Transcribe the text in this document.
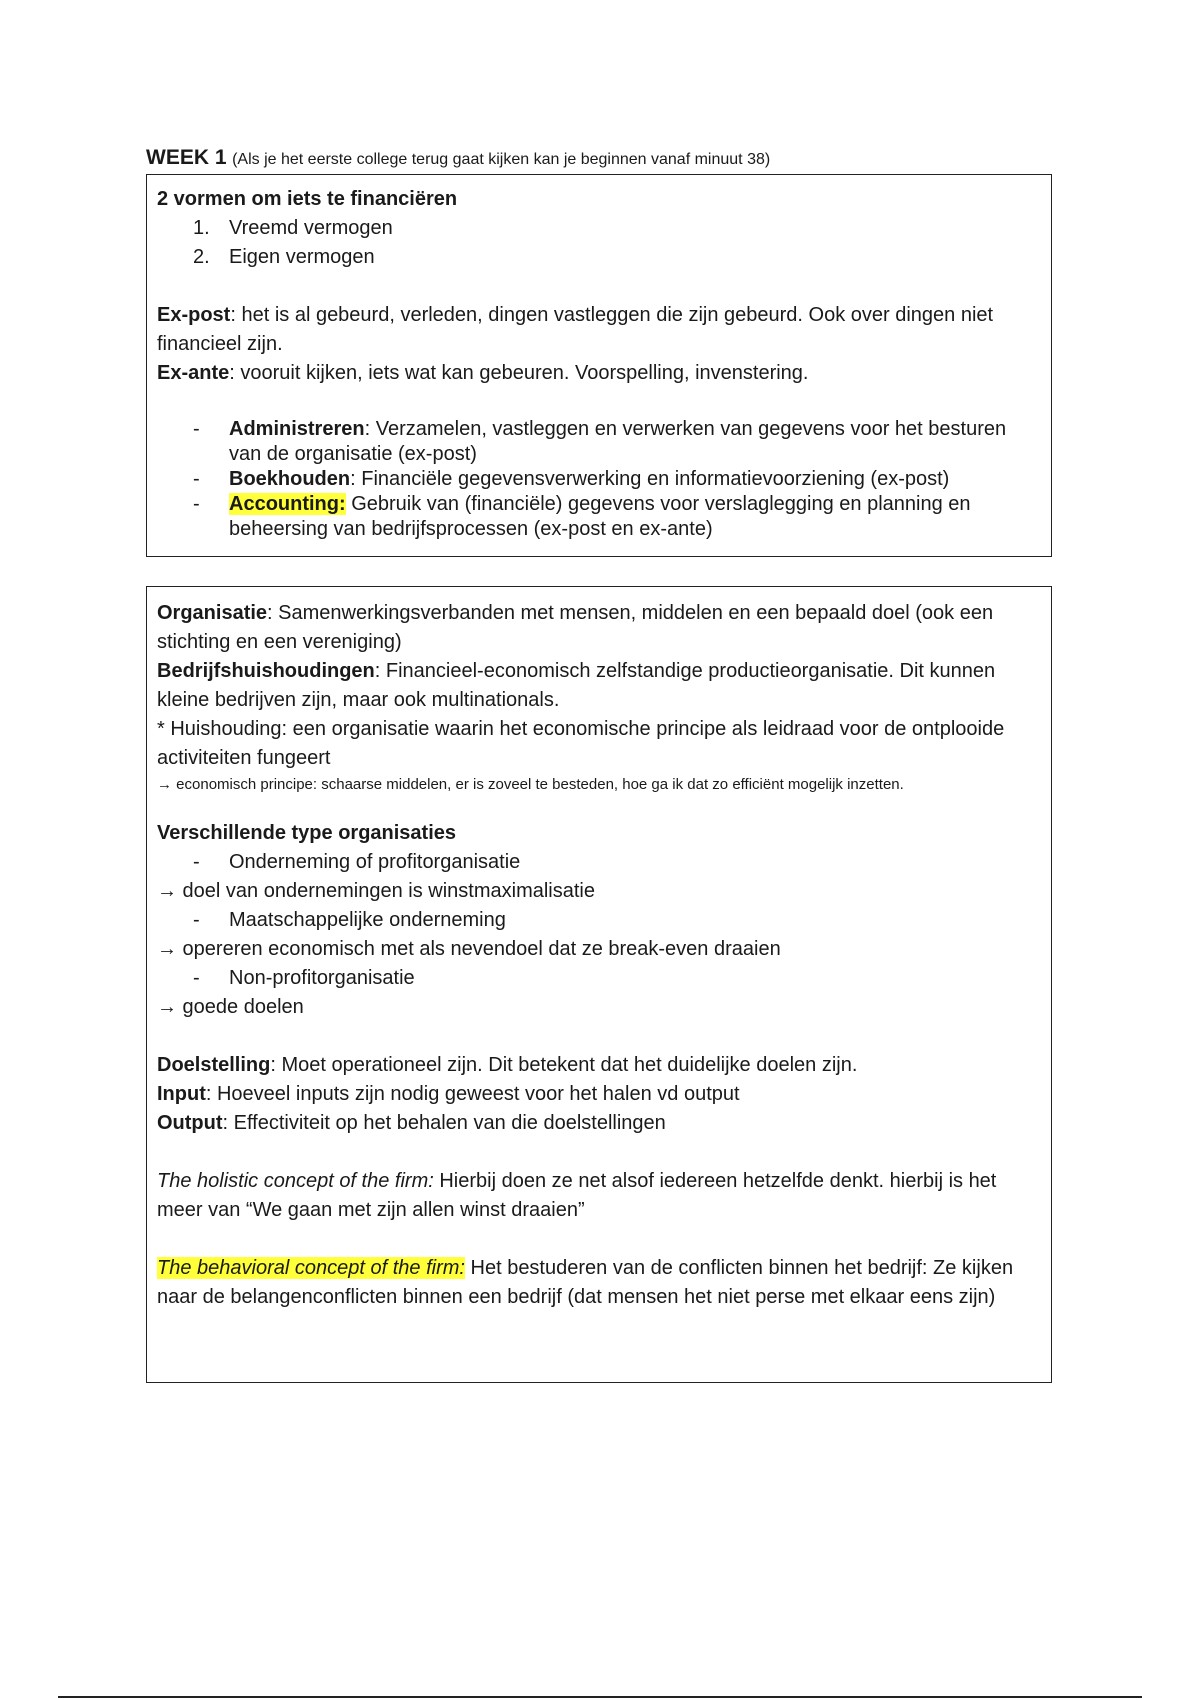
WEEK 1 (Als je het eerste college terug gaat kijken kan je beginnen vanaf minuut 38)

2 vormen om iets te financiëren

1. Vreemd vermogen
2. Eigen vermogen

Ex-post: het is al gebeurd, verleden, dingen vastleggen die zijn gebeurd. Ook over dingen niet financieel zijn.

Ex-ante: vooruit kijken, iets wat kan gebeuren. Voorspelling, invenstering.

- Administreren: Verzamelen, vastleggen en verwerken van gegevens voor het besturen van de organisatie (ex-post)
- Boekhouden: Financiële gegevensverwerking en informatievoorziening (ex-post)
- Accounting: Gebruik van (financiële) gegevens voor verslaglegging en planning en beheersing van bedrijfsprocessen (ex-post en ex-ante)

Organisatie: Samenwerkingsverbanden met mensen, middelen en een bepaald doel (ook een stichting en een vereniging)

Bedrijfshuishoudingen: Financieel-economisch zelfstandige productieorganisatie. Dit kunnen kleine bedrijven zijn, maar ook multinationals.

* Huishouding: een organisatie waarin het economische principe als leidraad voor de ontplooide activiteiten fungeert

→ economisch principe: schaarse middelen, er is zoveel te besteden, hoe ga ik dat zo efficiënt mogelijk inzetten.

Verschillende type organisaties

- Onderneming of profitorganisatie

→ doel van ondernemingen is winstmaximalisatie

- Maatschappelijke onderneming

→ opereren economisch met als nevendoel dat ze break-even draaien

- Non-profitorganisatie

→ goede doelen

Doelstelling: Moet operationeel zijn. Dit betekent dat het duidelijke doelen zijn.

Input: Hoeveel inputs zijn nodig geweest voor het halen vd output

Output: Effectiviteit op het behalen van die doelstellingen

The holistic concept of the firm: Hierbij doen ze net alsof iedereen hetzelfde denkt. hierbij is het meer van “We gaan met zijn allen winst draaien”

The behavioral concept of the firm: Het bestuderen van de conflicten binnen het bedrijf: Ze kijken naar de belangenconflicten binnen een bedrijf (dat mensen het niet perse met elkaar eens zijn)
